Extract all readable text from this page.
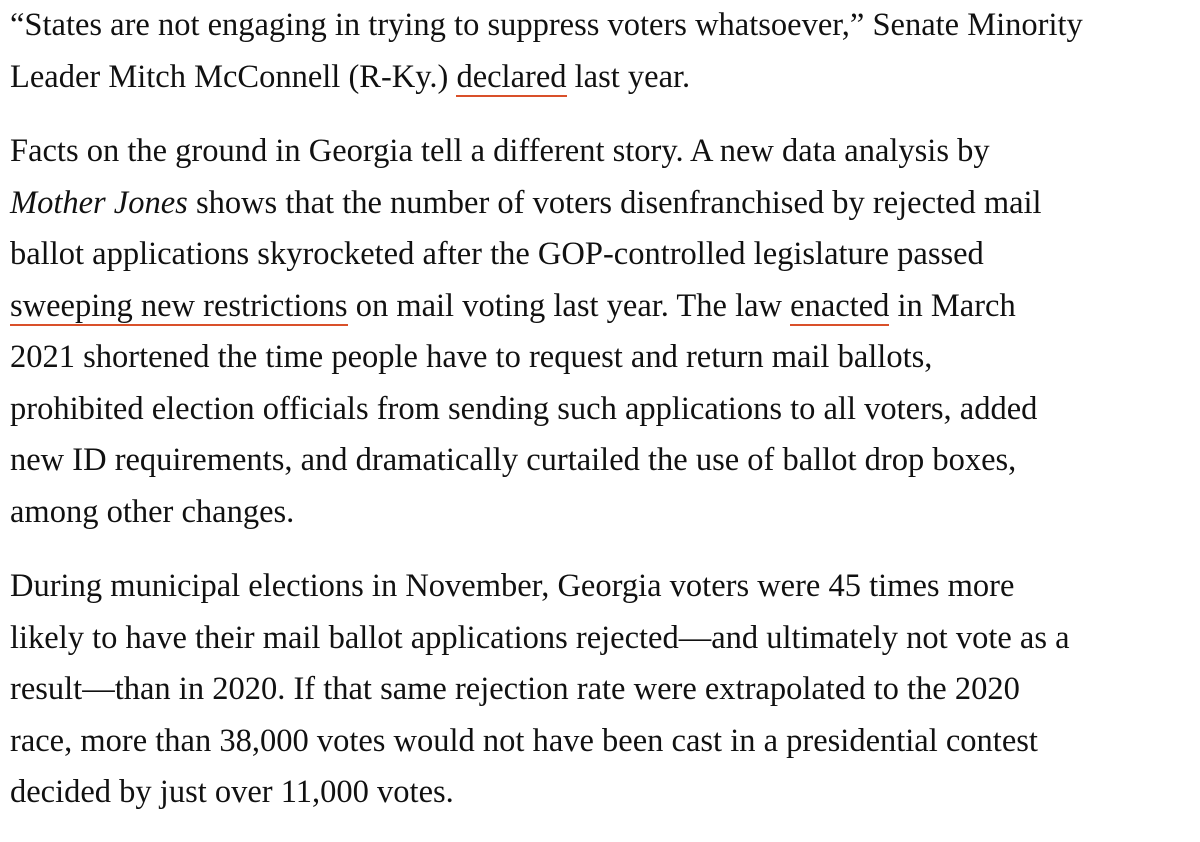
“States are not engaging in trying to suppress voters whatsoever,” Senate Minority
Leader Mitch McConnell (R-Ky.) declared last year.

Facts on the ground in Georgia tell a different story. A new data analysis by
Mother Jones shows that the number of voters disenfranchised by rejected mail
ballot applications skyrocketed after the GOP-controlled legislature passed
sweeping new restrictions on mail voting last year. The law enacted in March
2021 shortened the time people have to request and return mail ballots,
prohibited election officials from sending such applications to all voters, added
new ID requirements, and dramatically curtailed the use of ballot drop boxes,
among other changes.

During municipal elections in November, Georgia voters were 45 times more
likely to have their mail ballot applications rejected—and ultimately not vote as a
result—than in 2020. If that same rejection rate were extrapolated to the 2020
race, more than 38,000 votes would not have been cast in a presidential contest
decided by just over 11,000 votes.
